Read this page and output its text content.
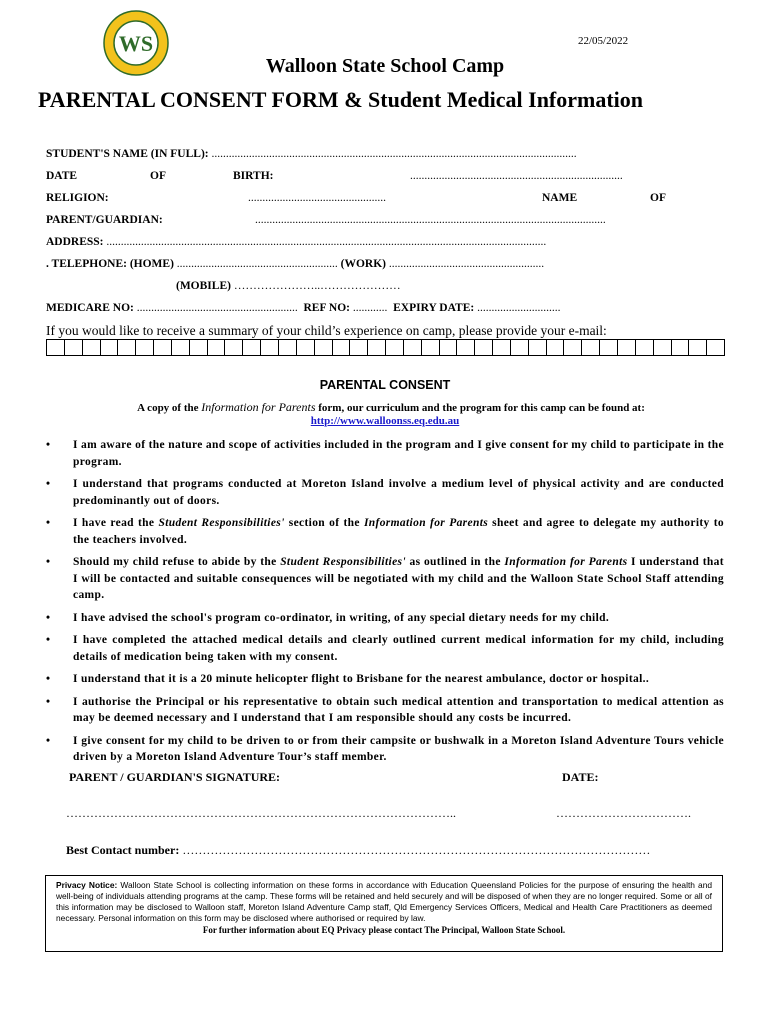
WS	22/05/2022
Walloon State School Camp
PARENTAL CONSENT FORM & Student Medical Information
STUDENT'S NAME (IN FULL): ...............................................................................................................................
DATE	OF	BIRTH:	..........................................................................
RELIGION:	................................................	NAME	OF
PARENT/GUARDIAN:	..........................................................................................................................
ADDRESS: .........................................................................................................................................................
. TELEPHONE: (HOME) ........................................................ (WORK) ......................................................
(MOBILE) …………………..…………………
MEDICARE NO: ........................................................ REF NO: ............ EXPIRY DATE: .............................
If you would like to receive a summary of your child’s experience on camp, please provide your e-mail:
PARENTAL CONSENT
A copy of the Information for Parents form, our curriculum and the program for this camp can be found at:
http://www.walloonss.eq.edu.au
• I am aware of the nature and scope of activities included in the program and I give consent for my child to participate in the program.
• I understand that programs conducted at Moreton Island involve a medium level of physical activity and are conducted predominantly out of doors.
• I have read the Student Responsibilities' section of the Information for Parents sheet and agree to delegate my authority to the teachers involved.
• Should my child refuse to abide by the Student Responsibilities' as outlined in the Information for Parents I understand that I will be contacted and suitable consequences will be negotiated with my child and the Walloon State School Staff attending camp.
• I have advised the school's program co-ordinator, in writing, of any special dietary needs for my child.
• I have completed the attached medical details and clearly outlined current medical information for my child, including details of medication being taken with my consent.
• I understand that it is a 20 minute helicopter flight to Brisbane for the nearest ambulance, doctor or hospital..
• I authorise the Principal or his representative to obtain such medical attention and transportation to medical attention as may be deemed necessary and I understand that I am responsible should any costs be incurred.
• I give consent for my child to be driven to or from their campsite or bushwalk in a Moreton Island Adventure Tours vehicle driven by a Moreton Island Adventure Tour’s staff member.
PARENT / GUARDIAN'S SIGNATURE:	DATE:
……………………………………………………………………………………..	…………………………….
Best Contact number: ………………………………………………………………………………………………………
Privacy Notice: Walloon State School is collecting information on these forms in accordance with Education Queensland Policies for the purpose of ensuring the health and well-being of individuals attending programs at the camp. These forms will be retained and held securely and will be disposed of when they are no longer required. Some or all of this information may be disclosed to Walloon staff, Moreton Island Adventure Camp staff, Qld Emergency Services Officers, Medical and Health Care Practitioners as deemed necessary. Personal information on this form may be disclosed where authorised or required by law.
For further information about EQ Privacy please contact The Principal, Walloon State School.
